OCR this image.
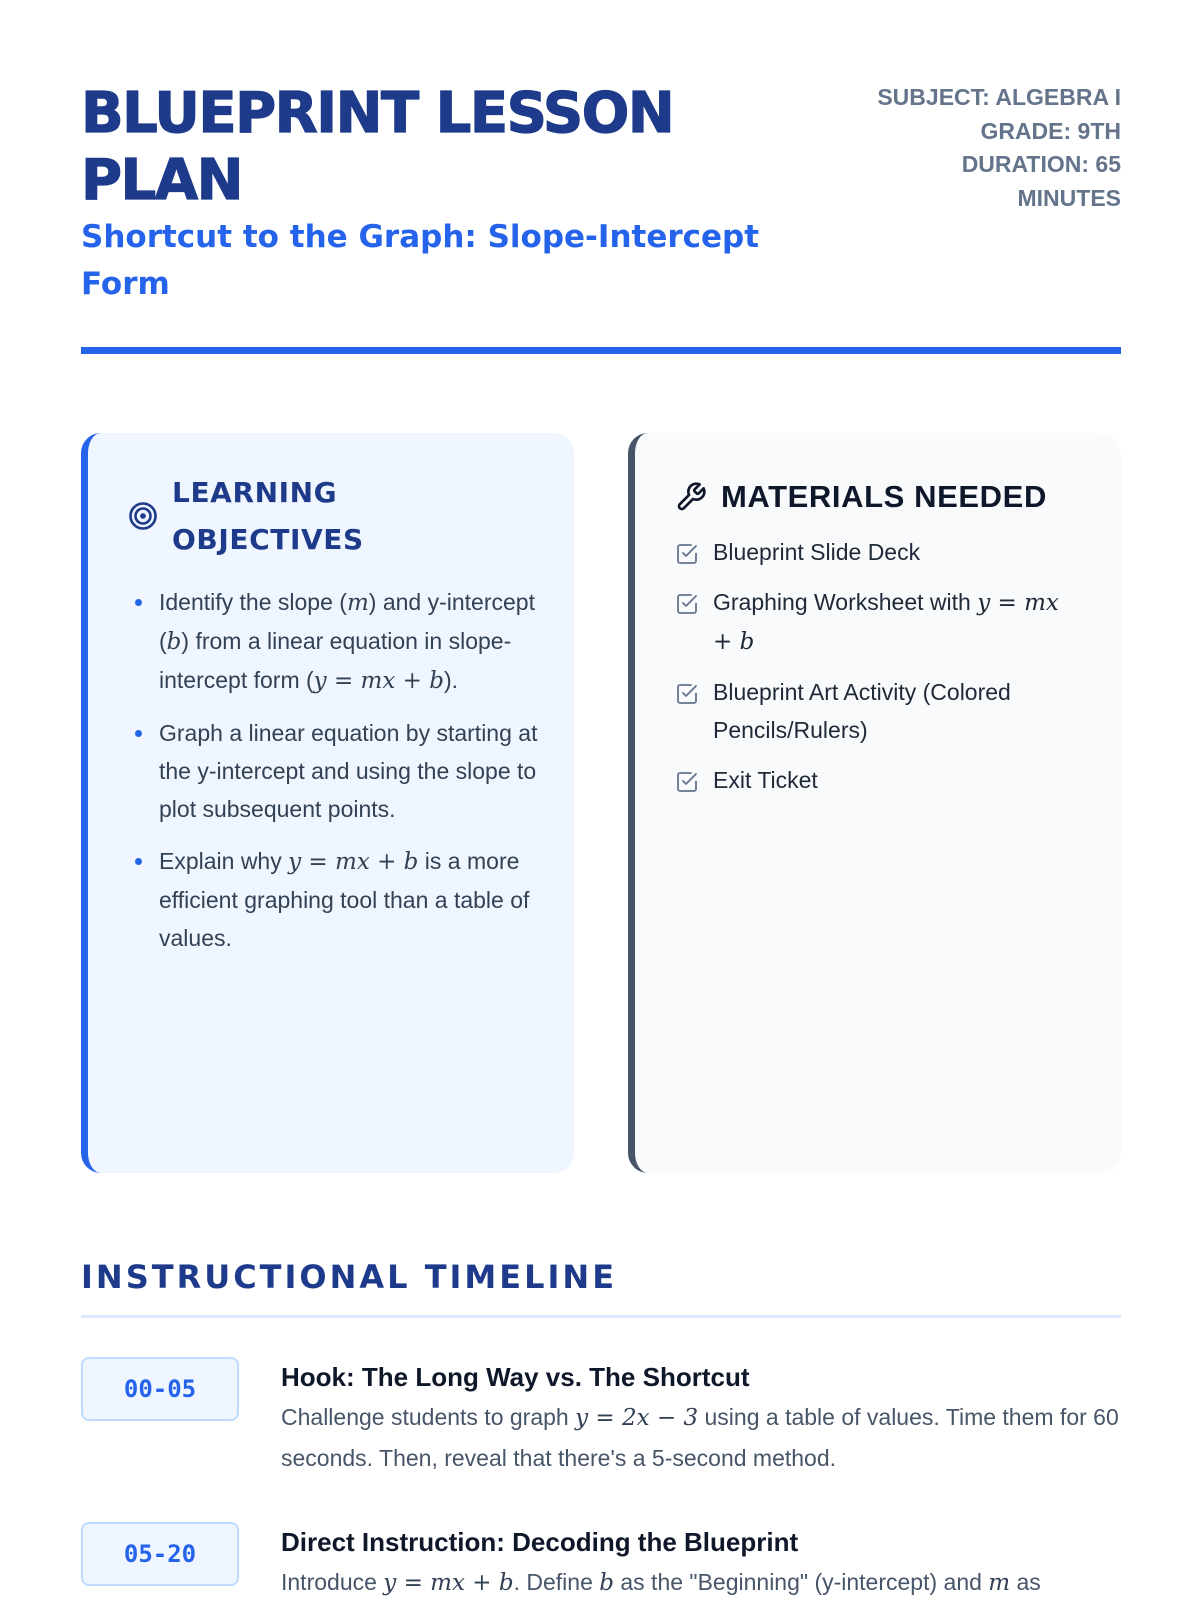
BLUEPRINT LESSON PLAN
Shortcut to the Graph: Slope-Intercept Form
SUBJECT: ALGEBRA I
GRADE: 9TH
DURATION: 65 MINUTES
LEARNING OBJECTIVES
Identify the slope (m) and y-intercept (b) from a linear equation in slope-intercept form (y = mx + b).
Graph a linear equation by starting at the y-intercept and using the slope to plot subsequent points.
Explain why y = mx + b is a more efficient graphing tool than a table of values.
MATERIALS NEEDED
Blueprint Slide Deck
Graphing Worksheet with y = mx + b
Blueprint Art Activity (Colored Pencils/Rulers)
Exit Ticket
INSTRUCTIONAL TIMELINE
00-05	Hook: The Long Way vs. The Shortcut

Challenge students to graph y = 2x − 3 using a table of values. Time them for 60 seconds. Then, reveal that there's a 5-second method.

05-20	Direct Instruction: Decoding the Blueprint

Introduce y = mx + b. Define b as the "Beginning" (y-intercept) and m as
